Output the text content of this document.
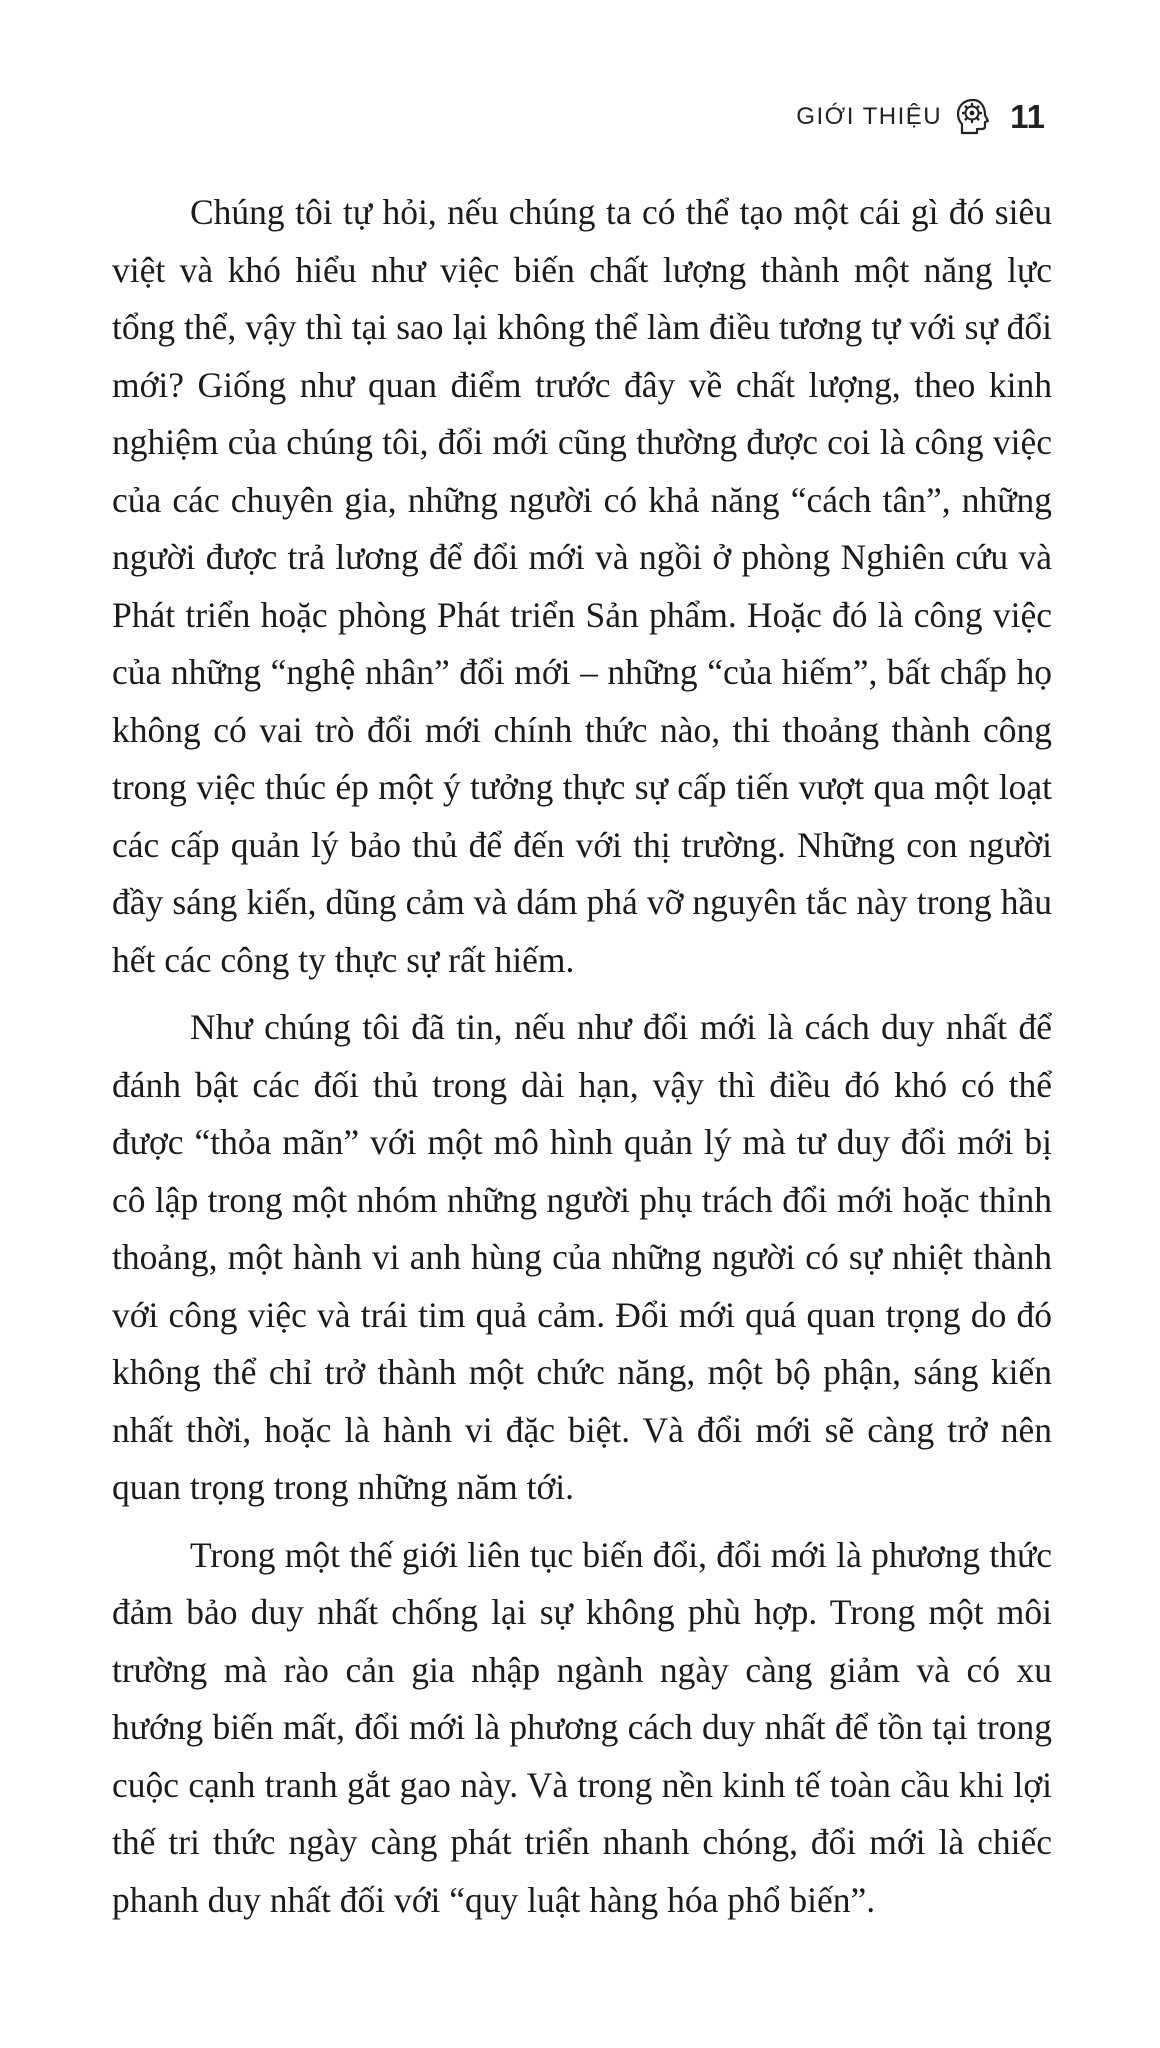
GIỚI THIỆU 11

Chúng tôi tự hỏi, nếu chúng ta có thể tạo một cái gì đó siêu việt và khó hiểu như việc biến chất lượng thành một năng lực tổng thể, vậy thì tại sao lại không thể làm điều tương tự với sự đổi mới? Giống như quan điểm trước đây về chất lượng, theo kinh nghiệm của chúng tôi, đổi mới cũng thường được coi là công việc của các chuyên gia, những người có khả năng “cách tân”, những người được trả lương để đổi mới và ngồi ở phòng Nghiên cứu và Phát triển hoặc phòng Phát triển Sản phẩm. Hoặc đó là công việc của những “nghệ nhân” đổi mới – những “của hiếm”, bất chấp họ không có vai trò đổi mới chính thức nào, thi thoảng thành công trong việc thúc ép một ý tưởng thực sự cấp tiến vượt qua một loạt các cấp quản lý bảo thủ để đến với thị trường. Những con người đầy sáng kiến, dũng cảm và dám phá vỡ nguyên tắc này trong hầu hết các công ty thực sự rất hiếm.

Như chúng tôi đã tin, nếu như đổi mới là cách duy nhất để đánh bật các đối thủ trong dài hạn, vậy thì điều đó khó có thể được “thỏa mãn” với một mô hình quản lý mà tư duy đổi mới bị cô lập trong một nhóm những người phụ trách đổi mới hoặc thỉnh thoảng, một hành vi anh hùng của những người có sự nhiệt thành với công việc và trái tim quả cảm. Đổi mới quá quan trọng do đó không thể chỉ trở thành một chức năng, một bộ phận, sáng kiến nhất thời, hoặc là hành vi đặc biệt. Và đổi mới sẽ càng trở nên quan trọng trong những năm tới.

Trong một thế giới liên tục biến đổi, đổi mới là phương thức đảm bảo duy nhất chống lại sự không phù hợp. Trong một môi trường mà rào cản gia nhập ngành ngày càng giảm và có xu hướng biến mất, đổi mới là phương cách duy nhất để tồn tại trong cuộc cạnh tranh gắt gao này. Và trong nền kinh tế toàn cầu khi lợi thế tri thức ngày càng phát triển nhanh chóng, đổi mới là chiếc phanh duy nhất đối với “quy luật hàng hóa phổ biến”.
